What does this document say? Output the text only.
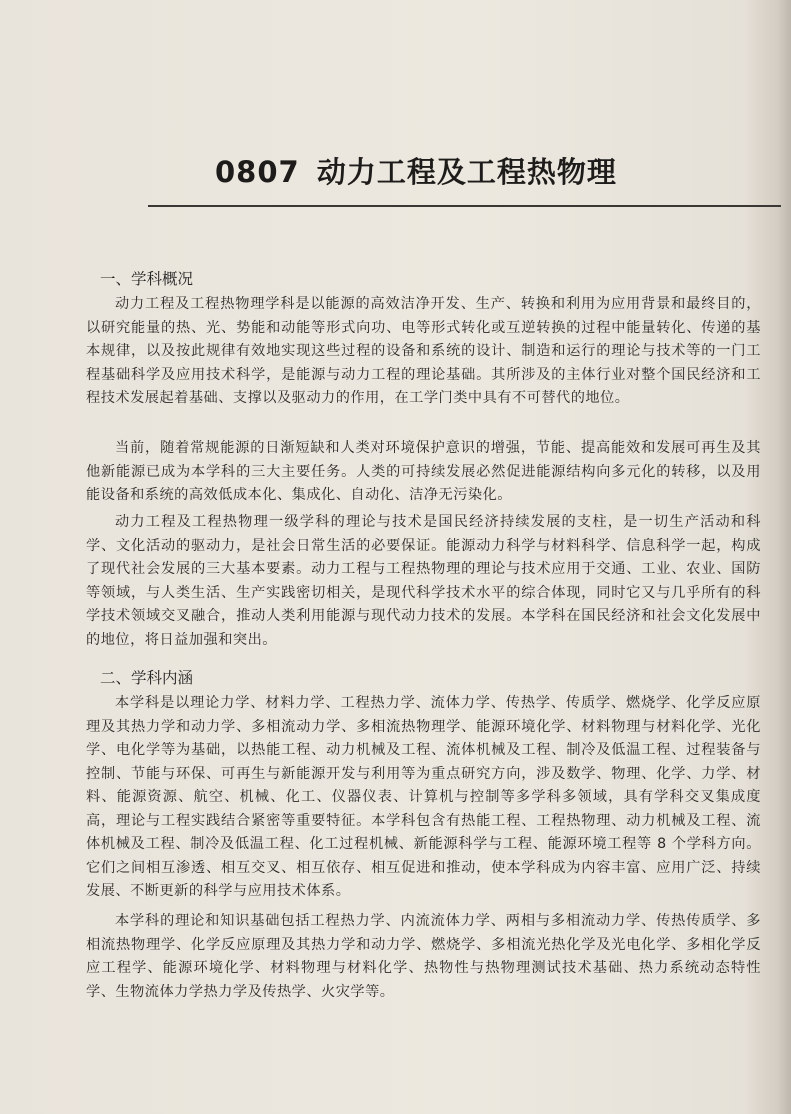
0807 动力工程及工程热物理
一、学科概况
动力工程及工程热物理学科是以能源的高效洁净开发、生产、转换和利用为应用背景和最终目的，以研究能量的热、光、势能和动能等形式向功、电等形式转化或互逆转换的过程中能量转化、传递的基本规律，以及按此规律有效地实现这些过程的设备和系统的设计、制造和运行的理论与技术等的一门工程基础科学及应用技术科学，是能源与动力工程的理论基础。其所涉及的主体行业对整个国民经济和工程技术发展起着基础、支撑以及驱动力的作用，在工学门类中具有不可替代的地位。
当前，随着常规能源的日渐短缺和人类对环境保护意识的增强，节能、提高能效和发展可再生及其他新能源已成为本学科的三大主要任务。人类的可持续发展必然促进能源结构向多元化的转移，以及用能设备和系统的高效低成本化、集成化、自动化、洁净无污染化。
动力工程及工程热物理一级学科的理论与技术是国民经济持续发展的支柱，是一切生产活动和科学、文化活动的驱动力，是社会日常生活的必要保证。能源动力科学与材料科学、信息科学一起，构成了现代社会发展的三大基本要素。动力工程与工程热物理的理论与技术应用于交通、工业、农业、国防等领域，与人类生活、生产实践密切相关，是现代科学技术水平的综合体现，同时它又与几乎所有的科学技术领域交叉融合，推动人类利用能源与现代动力技术的发展。本学科在国民经济和社会文化发展中的地位，将日益加强和突出。
二、学科内涵
本学科是以理论力学、材料力学、工程热力学、流体力学、传热学、传质学、燃烧学、化学反应原理及其热力学和动力学、多相流动力学、多相流热物理学、能源环境化学、材料物理与材料化学、光化学、电化学等为基础，以热能工程、动力机械及工程、流体机械及工程、制冷及低温工程、过程装备与控制、节能与环保、可再生与新能源开发与利用等为重点研究方向，涉及数学、物理、化学、力学、材料、能源资源、航空、机械、化工、仪器仪表、计算机与控制等多学科多领域，具有学科交叉集成度高，理论与工程实践结合紧密等重要特征。本学科包含有热能工程、工程热物理、动力机械及工程、流体机械及工程、制冷及低温工程、化工过程机械、新能源科学与工程、能源环境工程等 8 个学科方向。它们之间相互渗透、相互交叉、相互依存、相互促进和推动，使本学科成为内容丰富、应用广泛、持续发展、不断更新的科学与应用技术体系。
本学科的理论和知识基础包括工程热力学、内流流体力学、两相与多相流动力学、传热传质学、多相流热物理学、化学反应原理及其热力学和动力学、燃烧学、多相流光热化学及光电化学、多相化学反应工程学、能源环境化学、材料物理与材料化学、热物性与热物理测试技术基础、热力系统动态特性学、生物流体力学热力学及传热学、火灾学等。
